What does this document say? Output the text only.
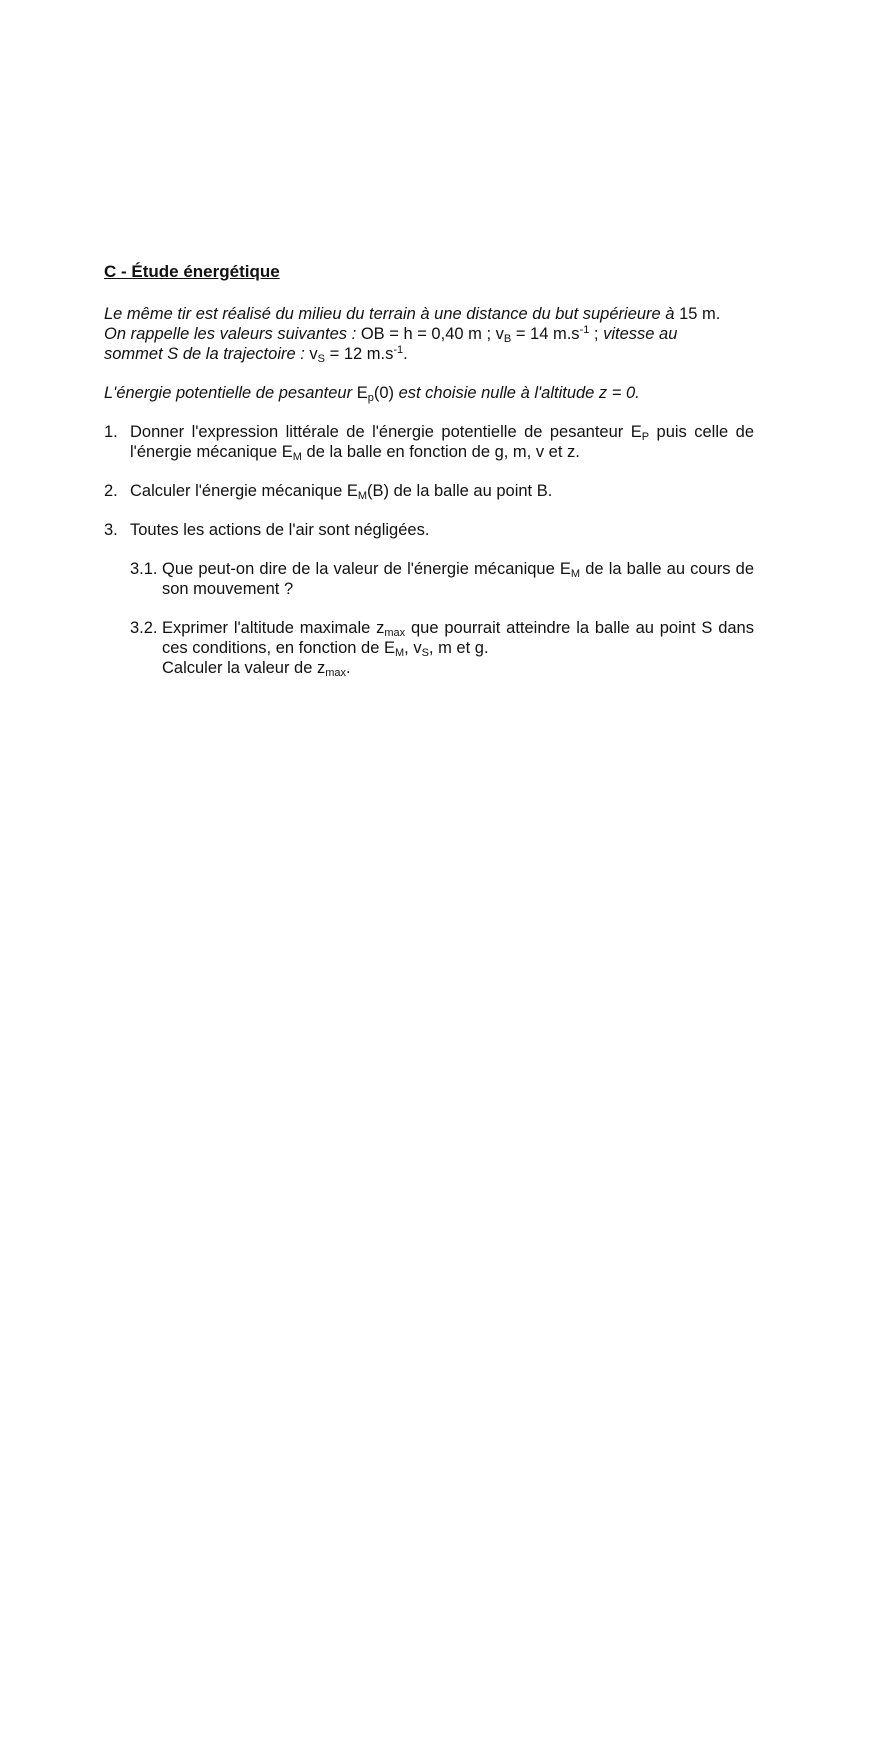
C - Étude énergétique
Le même tir est réalisé du milieu du terrain à une distance du but supérieure à 15 m.
On rappelle les valeurs suivantes : OB = h = 0,40 m ; $v_B = 14$ $m.s^{-1}$ ; vitesse au
sommet S de la trajectoire : $v_S = 12$ $m.s^{-1}$.
L'énergie potentielle de pesanteur $E_p(0)$ est choisie nulle à l'altitude z = 0.
1. Donner l'expression littérale de l'énergie potentielle de pesanteur $E_P$ puis celle de l'énergie mécanique $E_M$ de la balle en fonction de g, m, v et z.
2. Calculer l'énergie mécanique $E_M(B)$ de la balle au point B.
3. Toutes les actions de l'air sont négligées.
3.1. Que peut-on dire de la valeur de l'énergie mécanique $E_M$ de la balle au cours de son mouvement ?
3.2. Exprimer l'altitude maximale $z_{max}$ que pourrait atteindre la balle au point S dans ces conditions, en fonction de $E_M$, $v_S$, m et g.
Calculer la valeur de $z_{max}$.
